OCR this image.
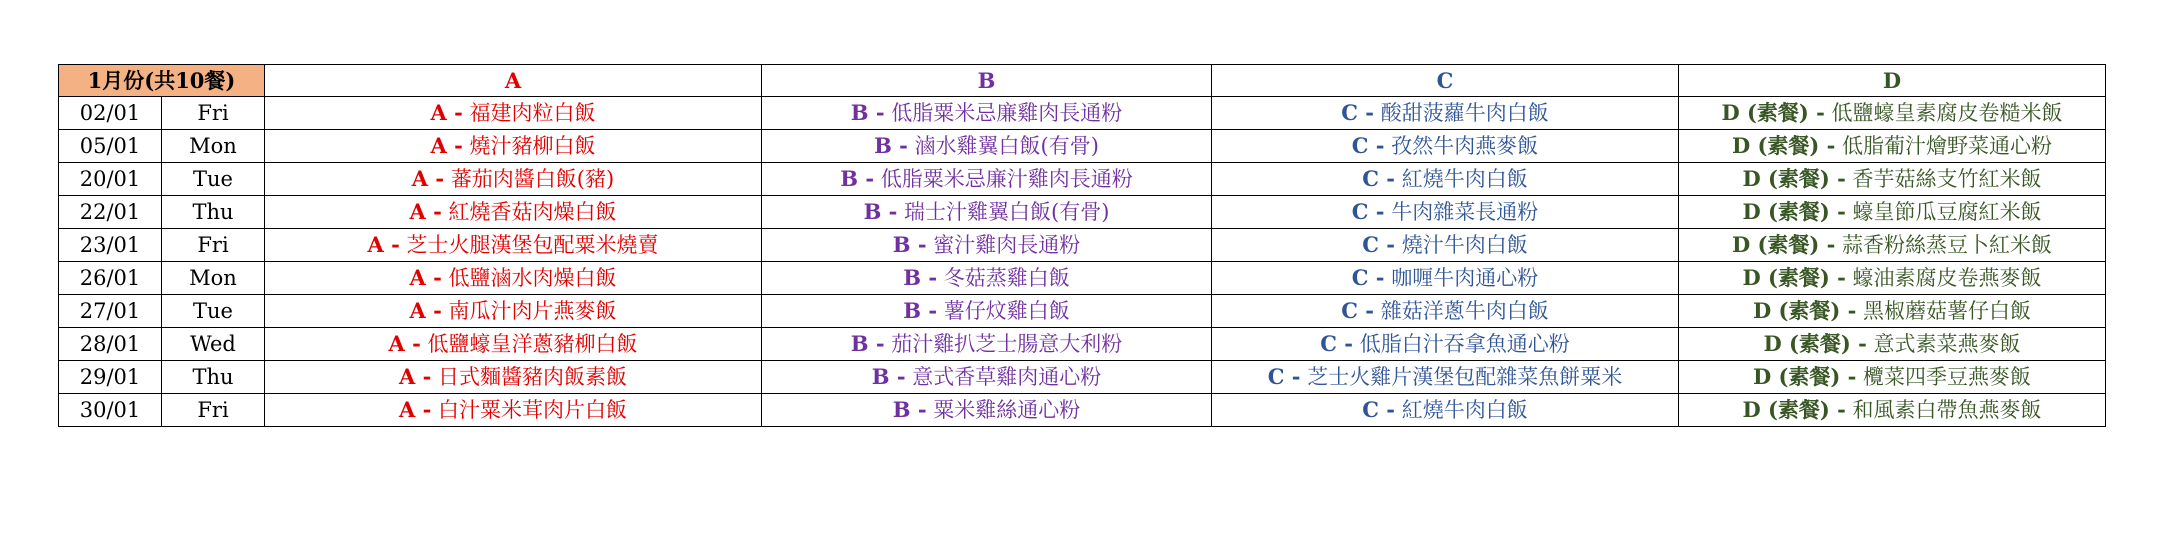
1月份(共10餐)		A	B	C	D
02/01	Fri	A - 福建肉粒白飯	B - 低脂粟米忌廉雞肉長通粉	C - 酸甜菠蘿牛肉白飯	D (素餐) - 低鹽蠔皇素腐皮卷糙米飯
05/01	Mon	A - 燒汁豬柳白飯	B - 滷水雞翼白飯(有骨)	C - 孜然牛肉燕麥飯	D (素餐) - 低脂葡汁燴野菜通心粉
20/01	Tue	A - 蕃茄肉醬白飯(豬)	B - 低脂粟米忌廉汁雞肉長通粉	C - 紅燒牛肉白飯	D (素餐) - 香芋菇絲支竹紅米飯
22/01	Thu	A - 紅燒香菇肉燥白飯	B - 瑞士汁雞翼白飯(有骨)	C - 牛肉雜菜長通粉	D (素餐) - 蠔皇節瓜豆腐紅米飯
23/01	Fri	A - 芝士火腿漢堡包配粟米燒賣	B - 蜜汁雞肉長通粉	C - 燒汁牛肉白飯	D (素餐) - 蒜香粉絲蒸豆卜紅米飯
26/01	Mon	A - 低鹽滷水肉燥白飯	B - 冬菇蒸雞白飯	C - 咖喱牛肉通心粉	D (素餐) - 蠔油素腐皮卷燕麥飯
27/01	Tue	A - 南瓜汁肉片燕麥飯	B - 薯仔炆雞白飯	C - 雜菇洋蔥牛肉白飯	D (素餐) - 黑椒蘑菇薯仔白飯
28/01	Wed	A - 低鹽蠔皇洋蔥豬柳白飯	B - 茄汁雞扒芝士腸意大利粉	C - 低脂白汁吞拿魚通心粉	D (素餐) - 意式素菜燕麥飯
29/01	Thu	A - 日式麵醬豬肉飯素飯	B - 意式香草雞肉通心粉	C - 芝士火雞片漢堡包配雜菜魚餅粟米	D (素餐) - 欖菜四季豆燕麥飯
30/01	Fri	A - 白汁粟米茸肉片白飯	B - 粟米雞絲通心粉	C - 紅燒牛肉白飯	D (素餐) - 和風素白帶魚燕麥飯
